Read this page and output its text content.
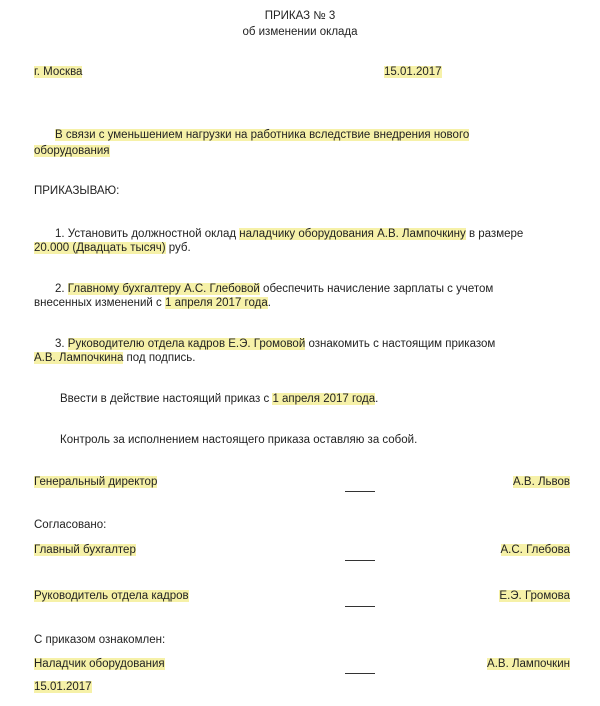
ПРИКАЗ № 3
об изменении оклада
г. Москва	15.01.2017
В связи с уменьшением нагрузки на работника вследствие внедрения нового
оборудования
ПРИКАЗЫВАЮ:
1. Установить должностной оклад наладчику оборудования А.В. Лампочкину в размере
20.000 (Двадцать тысяч) руб.
2. Главному бухгалтеру А.С. Глебовой обеспечить начисление зарплаты с учетом
внесенных изменений с 1 апреля 2017 года.
3. Руководителю отдела кадров Е.Э. Громовой ознакомить с настоящим приказом
А.В. Лампочкина под подпись.
Ввести в действие настоящий приказ с 1 апреля 2017 года.
Контроль за исполнением настоящего приказа оставляю за собой.
Генеральный директор	А.В. Львов
Согласовано:
Главный бухгалтер	А.С. Глебова
Руководитель отдела кадров	Е.Э. Громова
С приказом ознакомлен:
Наладчик оборудования	А.В. Лампочкин
15.01.2017
